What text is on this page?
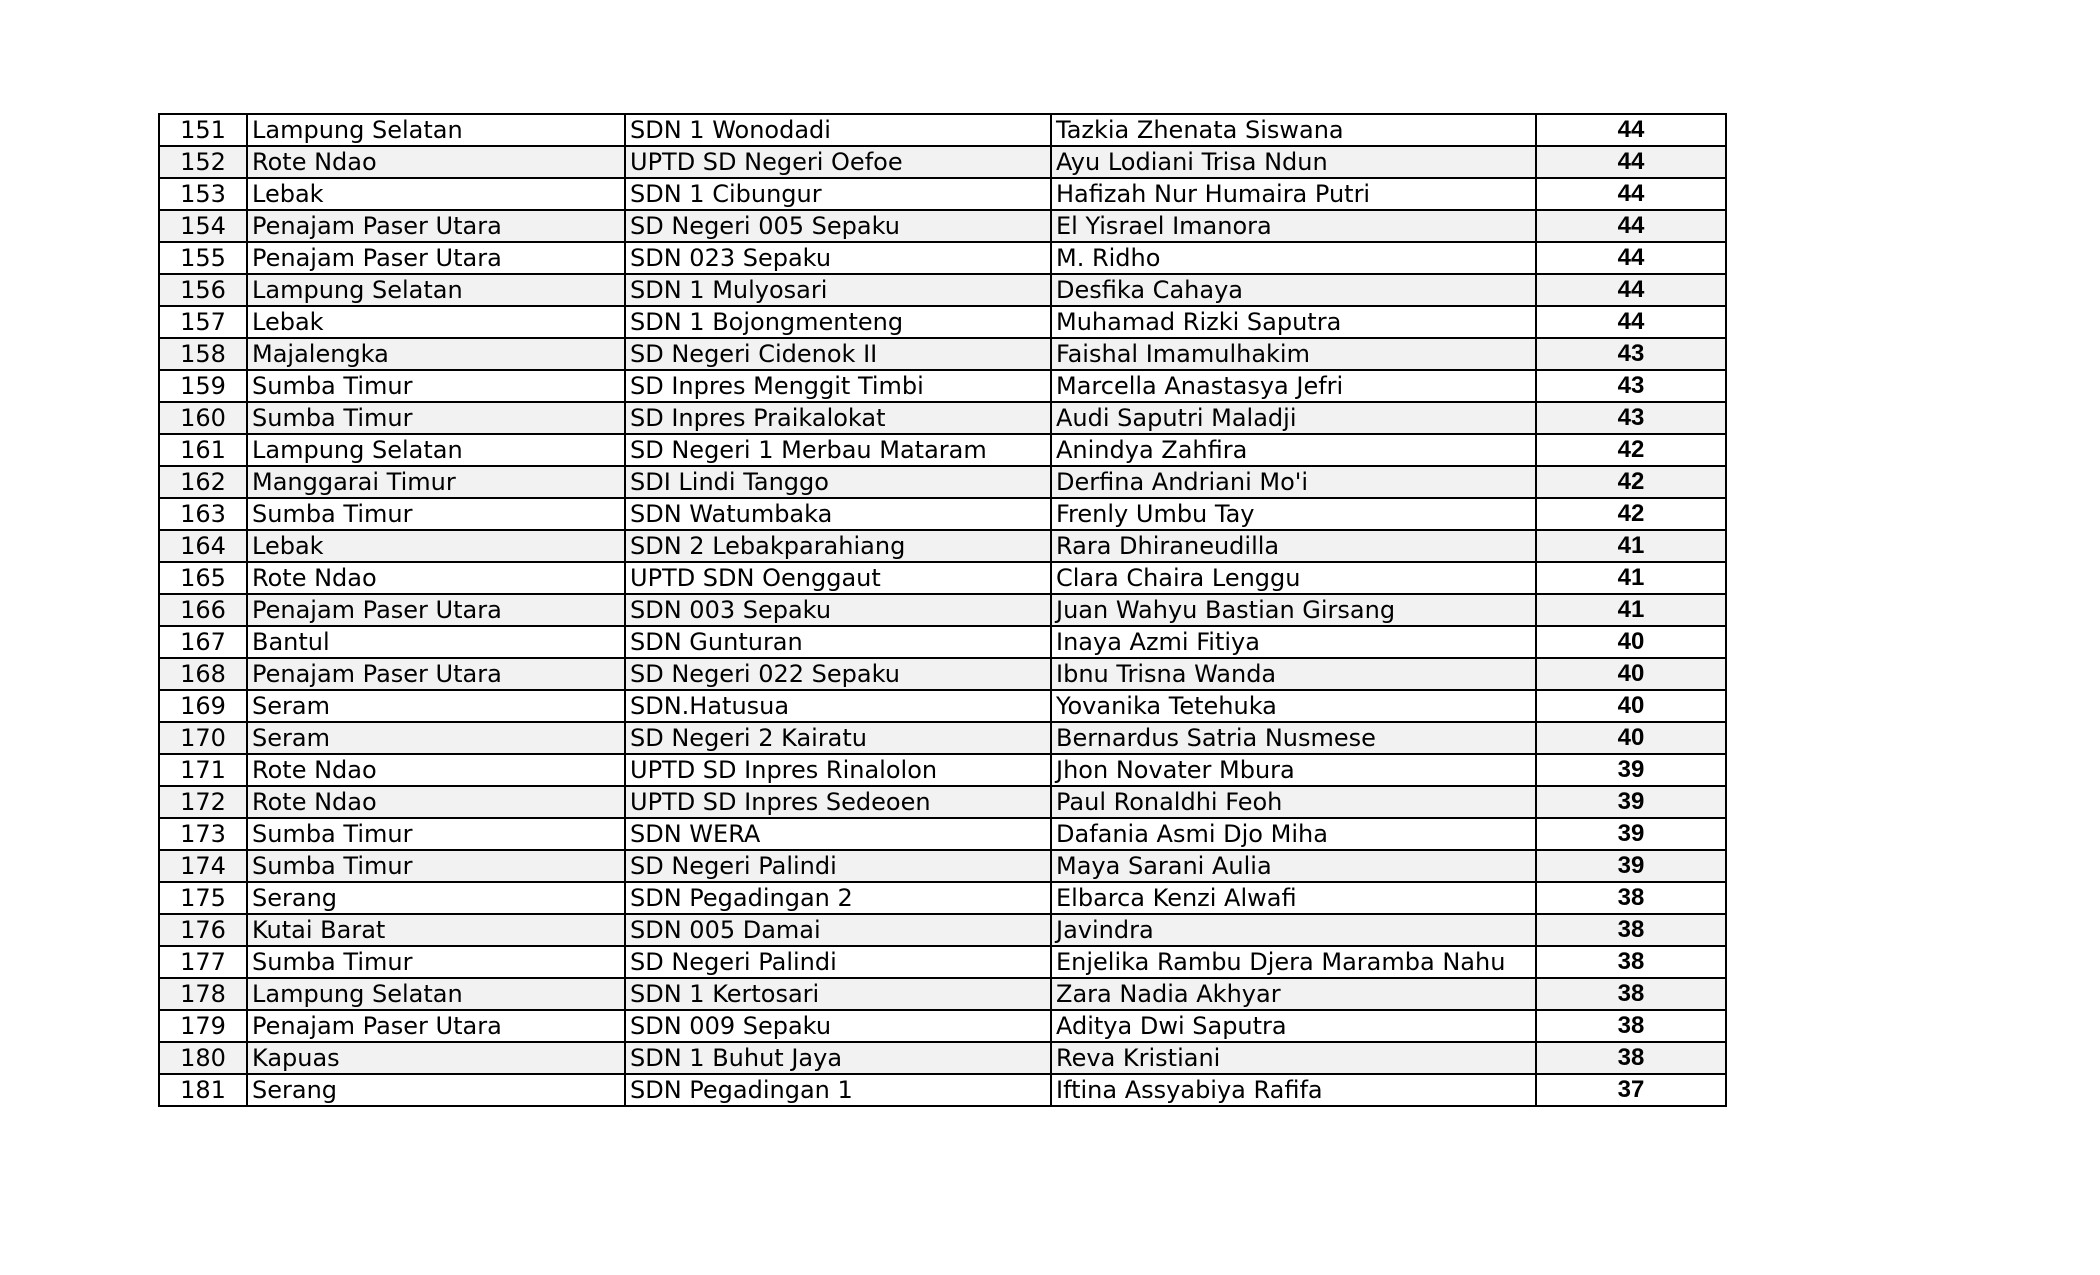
151	Lampung Selatan	SDN 1 Wonodadi	Tazkia Zhenata Siswana	44
152	Rote Ndao	UPTD SD Negeri Oefoe	Ayu Lodiani Trisa Ndun	44
153	Lebak	SDN 1 Cibungur	Hafizah Nur Humaira Putri	44
154	Penajam Paser Utara	SD Negeri 005 Sepaku	El Yisrael Imanora	44
155	Penajam Paser Utara	SDN 023 Sepaku	M. Ridho	44
156	Lampung Selatan	SDN 1 Mulyosari	Desfika Cahaya	44
157	Lebak	SDN 1 Bojongmenteng	Muhamad Rizki Saputra	44
158	Majalengka	SD Negeri Cidenok II	Faishal Imamulhakim	43
159	Sumba Timur	SD Inpres Menggit Timbi	Marcella Anastasya Jefri	43
160	Sumba Timur	SD Inpres Praikalokat	Audi Saputri Maladji	43
161	Lampung Selatan	SD Negeri 1 Merbau Mataram	Anindya Zahfira	42
162	Manggarai Timur	SDI Lindi Tanggo	Derfina Andriani Mo'i	42
163	Sumba Timur	SDN Watumbaka	Frenly Umbu Tay	42
164	Lebak	SDN 2 Lebakparahiang	Rara Dhiraneudilla	41
165	Rote Ndao	UPTD SDN Oenggaut	Clara Chaira Lenggu	41
166	Penajam Paser Utara	SDN 003 Sepaku	Juan Wahyu Bastian Girsang	41
167	Bantul	SDN Gunturan	Inaya Azmi Fitiya	40
168	Penajam Paser Utara	SD Negeri 022 Sepaku	Ibnu Trisna Wanda	40
169	Seram	SDN.Hatusua	Yovanika Tetehuka	40
170	Seram	SD Negeri 2 Kairatu	Bernardus Satria Nusmese	40
171	Rote Ndao	UPTD SD Inpres Rinalolon	Jhon Novater Mbura	39
172	Rote Ndao	UPTD SD Inpres Sedeoen	Paul Ronaldhi Feoh	39
173	Sumba Timur	SDN WERA	Dafania Asmi Djo Miha	39
174	Sumba Timur	SD Negeri Palindi	Maya Sarani Aulia	39
175	Serang	SDN Pegadingan 2	Elbarca Kenzi Alwafi	38
176	Kutai Barat	SDN 005 Damai	Javindra	38
177	Sumba Timur	SD Negeri Palindi	Enjelika Rambu Djera Maramba Nahu	38
178	Lampung Selatan	SDN 1 Kertosari	Zara Nadia Akhyar	38
179	Penajam Paser Utara	SDN 009 Sepaku	Aditya Dwi Saputra	38
180	Kapuas	SDN 1 Buhut Jaya	Reva Kristiani	38
181	Serang	SDN Pegadingan 1	Iftina Assyabiya Rafifa	37
